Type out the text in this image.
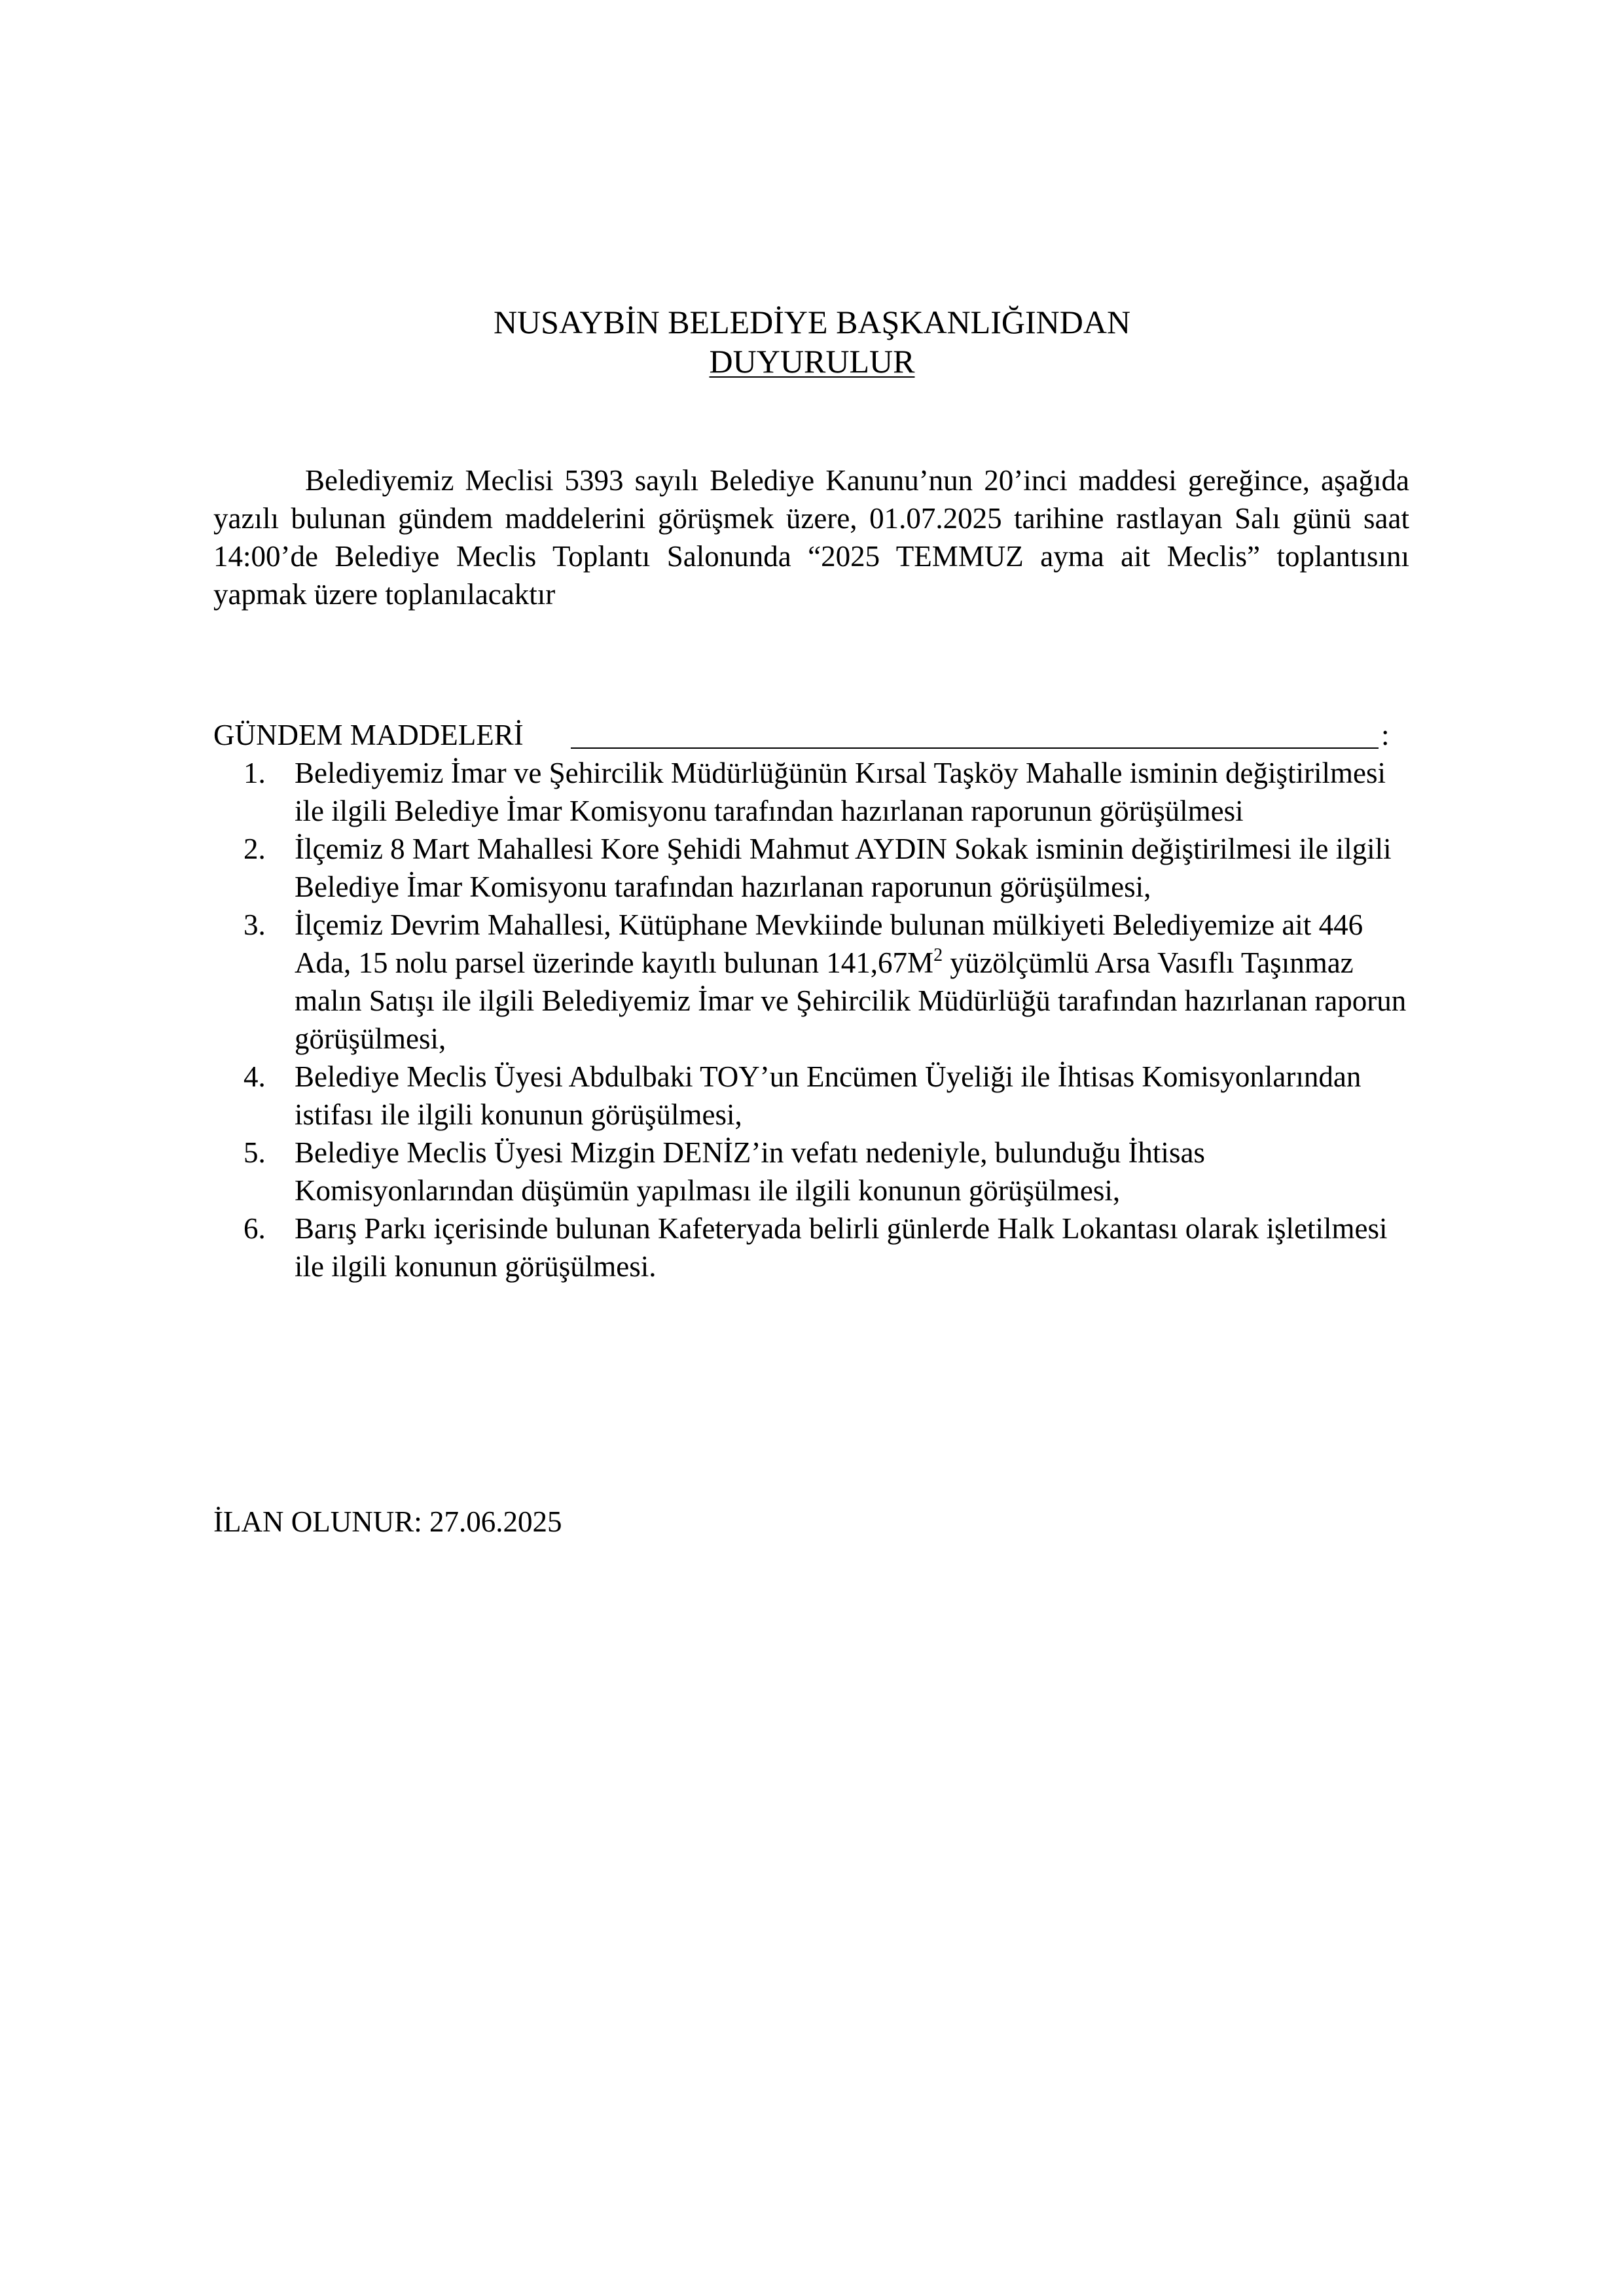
NUSAYBİN BELEDİYE BAŞKANLIĞINDAN
DUYURULUR

Belediyemiz Meclisi 5393 sayılı Belediye Kanunu’nun 20’inci maddesi gereğince, aşağıda yazılı bulunan gündem maddelerini görüşmek üzere, 01.07.2025 tarihine rastlayan Salı günü saat 14:00’de Belediye Meclis Toplantı Salonunda “2025 TEMMUZ ayma ait Meclis” toplantısını yapmak üzere toplanılacaktır

GÜNDEM MADDELERİ	:
1. Belediyemiz İmar ve Şehircilik Müdürlüğünün Kırsal Taşköy Mahalle isminin değiştirilmesi ile ilgili Belediye İmar Komisyonu tarafından hazırlanan raporunun görüşülmesi
2. İlçemiz 8 Mart Mahallesi Kore Şehidi Mahmut AYDIN Sokak isminin değiştirilmesi ile ilgili Belediye İmar Komisyonu tarafından hazırlanan raporunun görüşülmesi,
3. İlçemiz Devrim Mahallesi, Kütüphane Mevkiinde bulunan mülkiyeti Belediyemize ait 446 Ada, 15 nolu parsel üzerinde kayıtlı bulunan $141,67M^2$ yüzölçümlü Arsa Vasıflı Taşınmaz malın Satışı ile ilgili Belediyemiz İmar ve Şehircilik Müdürlüğü tarafından hazırlanan raporun görüşülmesi,
4. Belediye Meclis Üyesi Abdulbaki TOY’un Encümen Üyeliği ile İhtisas Komisyonlarından istifası ile ilgili konunun görüşülmesi,
5. Belediye Meclis Üyesi Mizgin DENİZ’in vefatı nedeniyle, bulunduğu İhtisas Komisyonlarından düşümün yapılması ile ilgili konunun görüşülmesi,
6. Barış Parkı içerisinde bulunan Kafeteryada belirli günlerde Halk Lokantası olarak işletilmesi ile ilgili konunun görüşülmesi.
İLAN OLUNUR: 27.06.2025
